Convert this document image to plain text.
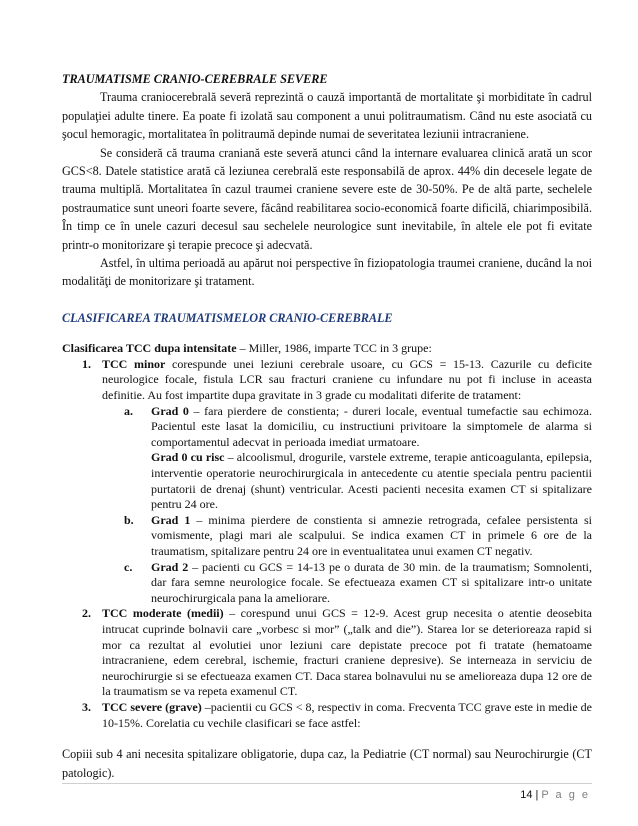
TRAUMATISME CRANIO-CEREBRALE SEVERE

Trauma craniocerebrală severă reprezintă o cauză importantă de mortalitate şi morbiditate în cadrul populaţiei adulte tinere. Ea poate fi izolată sau component a unui politraumatism. Când nu este asociată cu şocul hemoragic, mortalitatea în politraumă depinde numai de severitatea leziunii intracraniene.

Se consideră că trauma craniană este severă atunci când la internare evaluarea clinică arată un scor GCS<8. Datele statistice arată că leziunea cerebrală este responsabilă de aprox. 44% din decesele legate de trauma multiplă. Mortalitatea în cazul traumei craniene severe este de 30-50%. Pe de altă parte, sechelele postraumatice sunt uneori foarte severe, făcând reabilitarea socio-economică foarte dificilă, chiarimposibilă. În timp ce în unele cazuri decesul sau sechelele neurologice sunt inevitabile, în altele ele pot fi evitate printr-o monitorizare şi terapie precoce şi adecvată.

Astfel, în ultima perioadă au apărut noi perspective în fiziopatologia traumei craniene, ducând la noi modalităţi de monitorizare şi tratament.

CLASIFICAREA TRAUMATISMELOR CRANIO-CEREBRALE

Clasificarea TCC dupa intensitate – Miller, 1986, imparte TCC in 3 grupe:

1. TCC minor corespunde unei leziuni cerebrale usoare, cu GCS = 15-13. Cazurile cu deficite neurologice focale, fistula LCR sau fracturi craniene cu infundare nu pot fi incluse in aceasta definitie. Au fost impartite dupa gravitate in 3 grade cu modalitati diferite de tratament:
a. Grad 0 – fara pierdere de constienta; - dureri locale, eventual tumefactie sau echimoza. Pacientul este lasat la domiciliu, cu instructiuni privitoare la simptomele de alarma si comportamentul adecvat in perioada imediat urmatoare.
Grad 0 cu risc – alcoolismul, drogurile, varstele extreme, terapie anticoagulanta, epilepsia, interventie operatorie neurochirurgicala in antecedente cu atentie speciala pentru pacientii purtatorii de drenaj (shunt) ventricular. Acesti pacienti necesita examen CT si spitalizare pentru 24 ore.
b. Grad 1 – minima pierdere de constienta si amnezie retrograda, cefalee persistenta si vomismente, plagi mari ale scalpului. Se indica examen CT in primele 6 ore de la traumatism, spitalizare pentru 24 ore in eventualitatea unui examen CT negativ.
c. Grad 2 – pacienti cu GCS = 14-13 pe o durata de 30 min. de la traumatism; Somnolenti, dar fara semne neurologice focale. Se efectueaza examen CT si spitalizare intr-o unitate neurochirurgicala pana la ameliorare.
2. TCC moderate (medii) – corespund unui GCS = 12-9. Acest grup necesita o atentie deosebita intrucat cuprinde bolnavii care „vorbesc si mor” („talk and die”). Starea lor se deterioreaza rapid si mor ca rezultat al evolutiei unor leziuni care depistate precoce pot fi tratate (hematoame intracraniene, edem cerebral, ischemie, fracturi craniene depresive). Se interneaza in serviciu de neurochirurgie si se efectueaza examen CT. Daca starea bolnavului nu se amelioreaza dupa 12 ore de la traumatism se va repeta examenul CT.
3. TCC severe (grave) –pacientii cu GCS < 8, respectiv in coma. Frecventa TCC grave este in medie de 10-15%. Corelatia cu vechile clasificari se face astfel:

Copiii sub 4 ani necesita spitalizare obligatorie, dupa caz, la Pediatrie (CT normal) sau Neurochirurgie (CT patologic).

14 | P a g e
